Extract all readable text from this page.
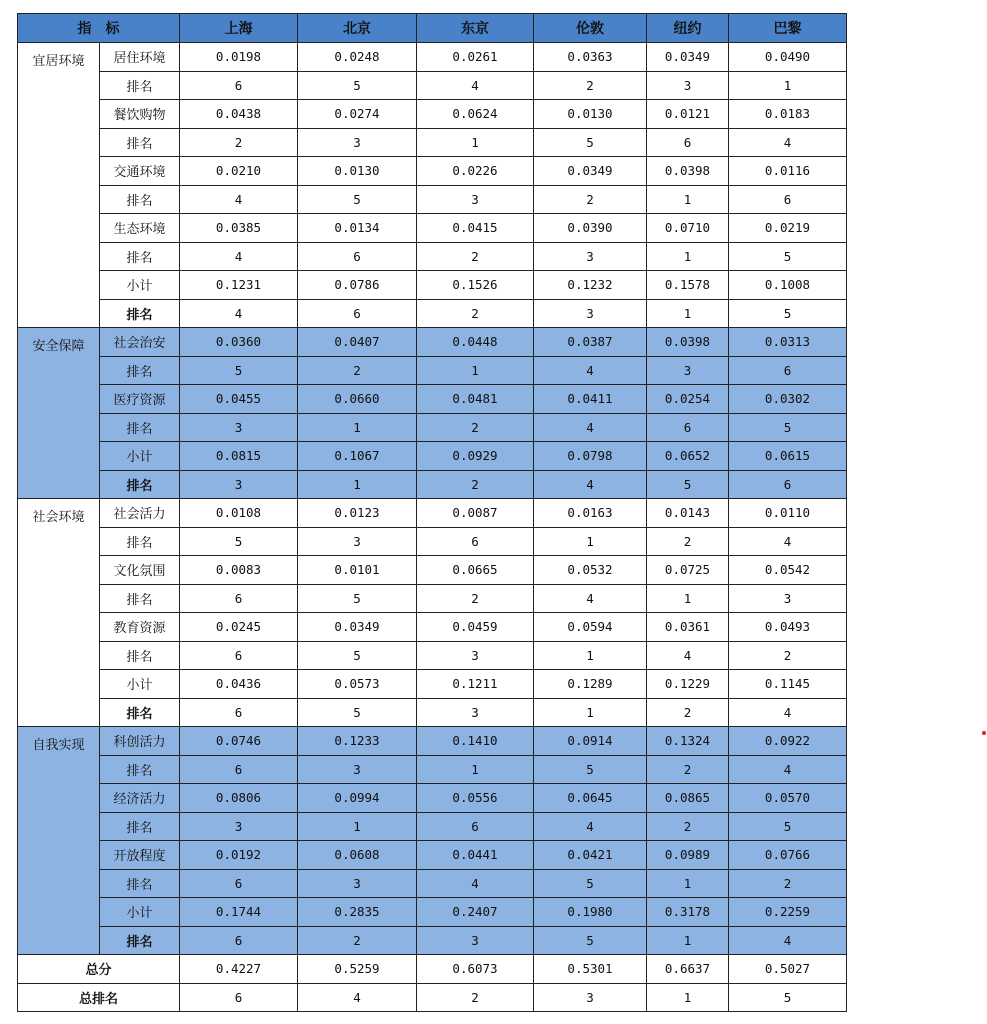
指　标		上海	北京	东京	伦敦	纽约	巴黎
宜居环境	居住环境	0.0198	0.0248	0.0261	0.0363	0.0349	0.0490
	排名	6	5	4	2	3	1
	餐饮购物	0.0438	0.0274	0.0624	0.0130	0.0121	0.0183
	排名	2	3	1	5	6	4
	交通环境	0.0210	0.0130	0.0226	0.0349	0.0398	0.0116
	排名	4	5	3	2	1	6
	生态环境	0.0385	0.0134	0.0415	0.0390	0.0710	0.0219
	排名	4	6	2	3	1	5
	小计	0.1231	0.0786	0.1526	0.1232	0.1578	0.1008
	排名	4	6	2	3	1	5
安全保障	社会治安	0.0360	0.0407	0.0448	0.0387	0.0398	0.0313
	排名	5	2	1	4	3	6
	医疗资源	0.0455	0.0660	0.0481	0.0411	0.0254	0.0302
	排名	3	1	2	4	6	5
	小计	0.0815	0.1067	0.0929	0.0798	0.0652	0.0615
	排名	3	1	2	4	5	6
社会环境	社会活力	0.0108	0.0123	0.0087	0.0163	0.0143	0.0110
	排名	5	3	6	1	2	4
	文化氛围	0.0083	0.0101	0.0665	0.0532	0.0725	0.0542
	排名	6	5	2	4	1	3
	教育资源	0.0245	0.0349	0.0459	0.0594	0.0361	0.0493
	排名	6	5	3	1	4	2
	小计	0.0436	0.0573	0.1211	0.1289	0.1229	0.1145
	排名	6	5	3	1	2	4
自我实现	科创活力	0.0746	0.1233	0.1410	0.0914	0.1324	0.0922
	排名	6	3	1	5	2	4
	经济活力	0.0806	0.0994	0.0556	0.0645	0.0865	0.0570
	排名	3	1	6	4	2	5
	开放程度	0.0192	0.0608	0.0441	0.0421	0.0989	0.0766
	排名	6	3	4	5	1	2
	小计	0.1744	0.2835	0.2407	0.1980	0.3178	0.2259
	排名	6	2	3	5	1	4
总分		0.4227	0.5259	0.6073	0.5301	0.6637	0.5027
总排名		6	4	2	3	1	5
